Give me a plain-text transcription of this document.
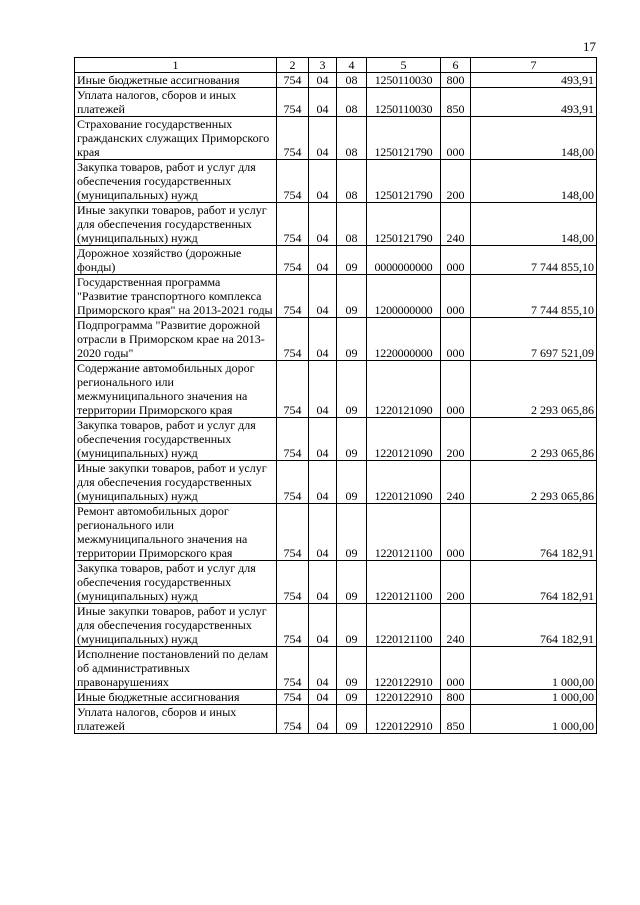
17
1	2	3	4	5	6	7
Иные бюджетные ассигнования	754	04	08	1250110030	800	493,91
Уплата налогов, сборов и иных платежей	754	04	08	1250110030	850	493,91
Страхование государственных гражданских служащих Приморского края	754	04	08	1250121790	000	148,00
Закупка товаров, работ и услуг для обеспечения государственных (муниципальных) нужд	754	04	08	1250121790	200	148,00
Иные закупки товаров, работ и услуг для обеспечения государственных (муниципальных) нужд	754	04	08	1250121790	240	148,00
Дорожное хозяйство (дорожные фонды)	754	04	09	0000000000	000	7 744 855,10
Государственная программа "Развитие транспортного комплекса Приморского края" на 2013-2021 годы	754	04	09	1200000000	000	7 744 855,10
Подпрограмма "Развитие дорожной отрасли в Приморском крае на 2013-2020 годы"	754	04	09	1220000000	000	7 697 521,09
Содержание автомобильных дорог регионального или межмуниципального значения на территории Приморского края	754	04	09	1220121090	000	2 293 065,86
Закупка товаров, работ и услуг для обеспечения государственных (муниципальных) нужд	754	04	09	1220121090	200	2 293 065,86
Иные закупки товаров, работ и услуг для обеспечения государственных (муниципальных) нужд	754	04	09	1220121090	240	2 293 065,86
Ремонт автомобильных дорог регионального или межмуниципального значения на территории Приморского края	754	04	09	1220121100	000	764 182,91
Закупка товаров, работ и услуг для обеспечения государственных (муниципальных) нужд	754	04	09	1220121100	200	764 182,91
Иные закупки товаров, работ и услуг для обеспечения государственных (муниципальных) нужд	754	04	09	1220121100	240	764 182,91
Исполнение постановлений по делам об административных правонарушениях	754	04	09	1220122910	000	1 000,00
Иные бюджетные ассигнования	754	04	09	1220122910	800	1 000,00
Уплата налогов, сборов и иных платежей	754	04	09	1220122910	850	1 000,00
